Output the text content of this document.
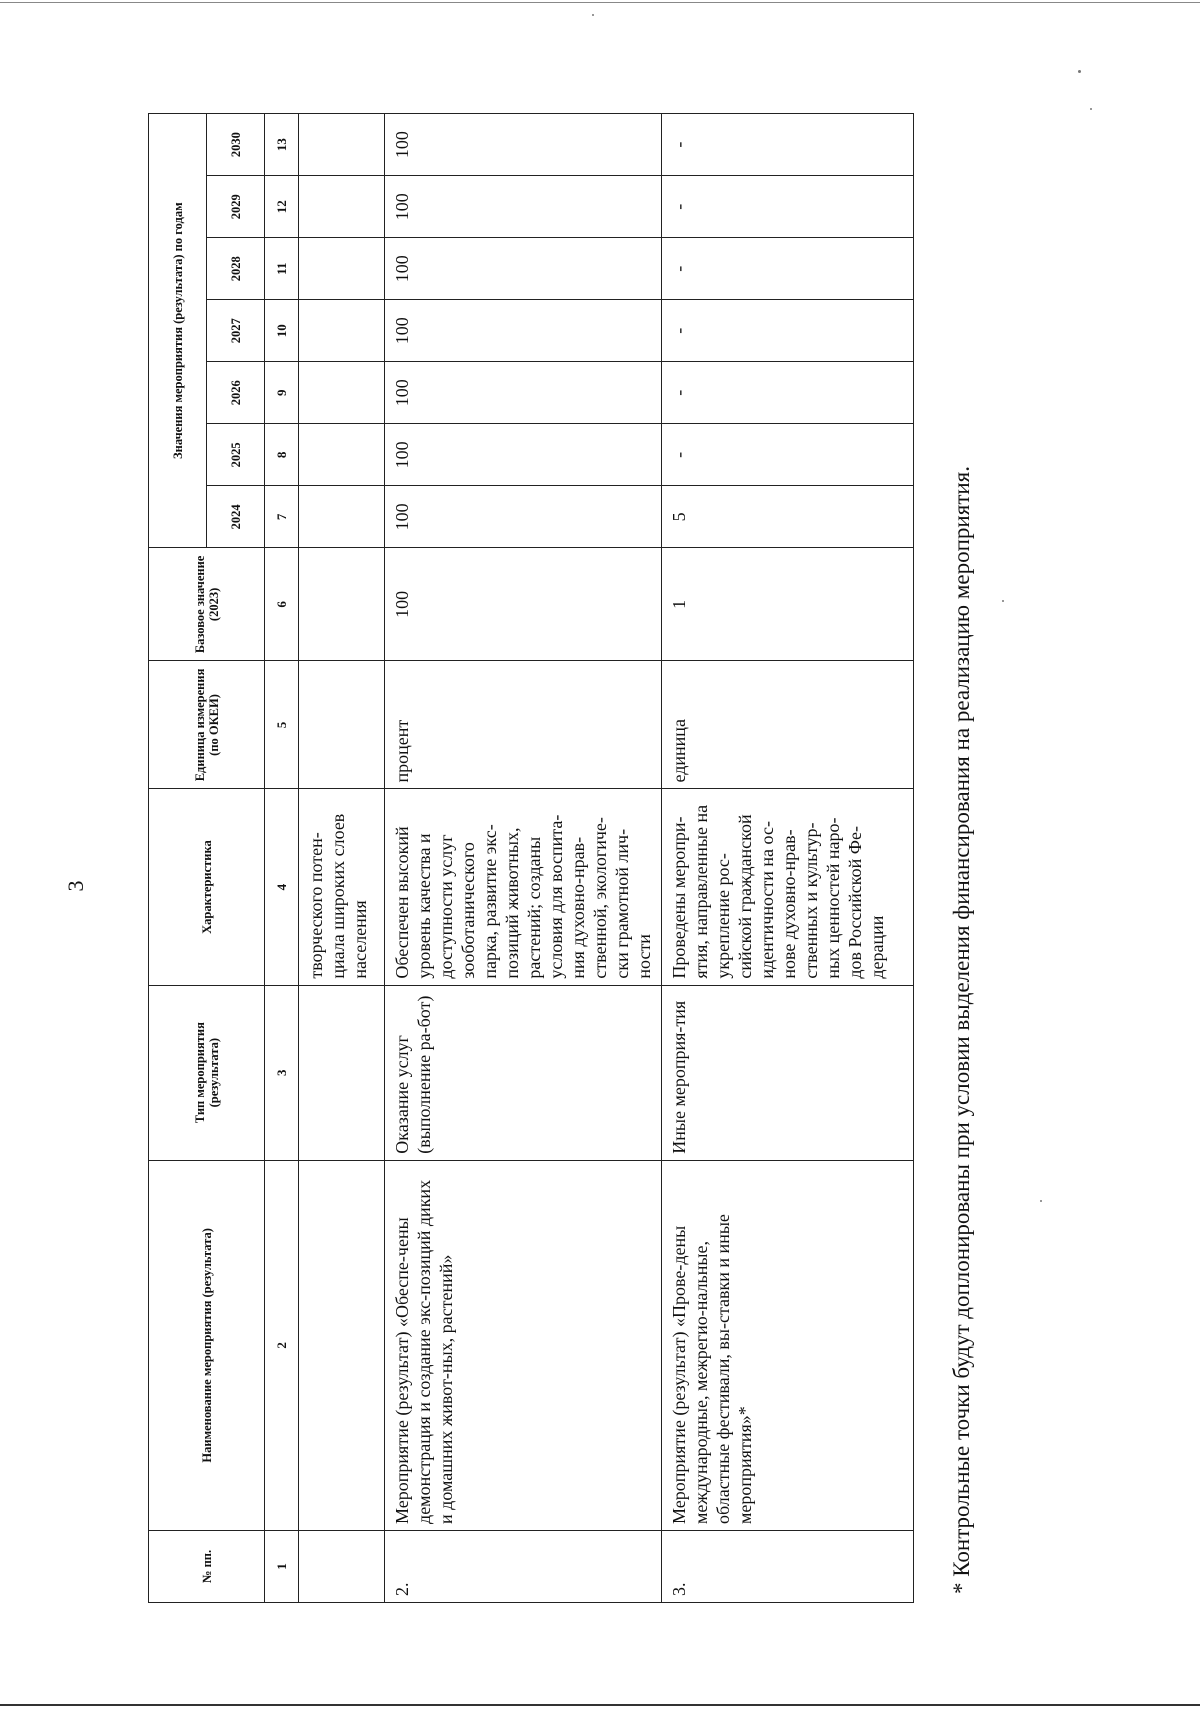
3
№ пп.	Наименование мероприятия (результата)	Тип мероприятия (результата)	Характеристика	Единица измерения (по ОКЕИ)	Базовое значение (2023)	Значения мероприятия (результата) по годам						
						2024	2025	2026	2027	2028	2029	2030
1	2	3	4	5	6	7	8	9	10	11	12	13
			творческого потен-циала широких слоев населения									
2.	Мероприятие (результат) «Обеспе-чены демонстрация и создание экс-позиций диких и домашних живот-ных, растений»	Оказание услуг (выполнение ра-бот)	Обеспечен высокий уровень качества и доступности услуг зооботанического парка, развитие экс-позиций животных, растений; созданы условия для воспита-ния духовно-нрав-ственной, экологиче-ски грамотной лич-ности	процент	100	100	100	100	100	100	100	100
3.	Мероприятие (результат) «Прове-дены международные, межрегио-нальные, областные фестивали, вы-ставки и иные мероприятия»*	Иные мероприя-тия	Проведены меропри-ятия, направленные на укрепление рос-сийской гражданской идентичности на ос-нове духовно-нрав-ственных и культур-ных ценностей наро-дов Российской Фе-дерации	единица	1	5	-	-	-	-	-	-
* Контрольные точки будут доплонированы при условии выделения финансирования на реализацию мероприятия.
